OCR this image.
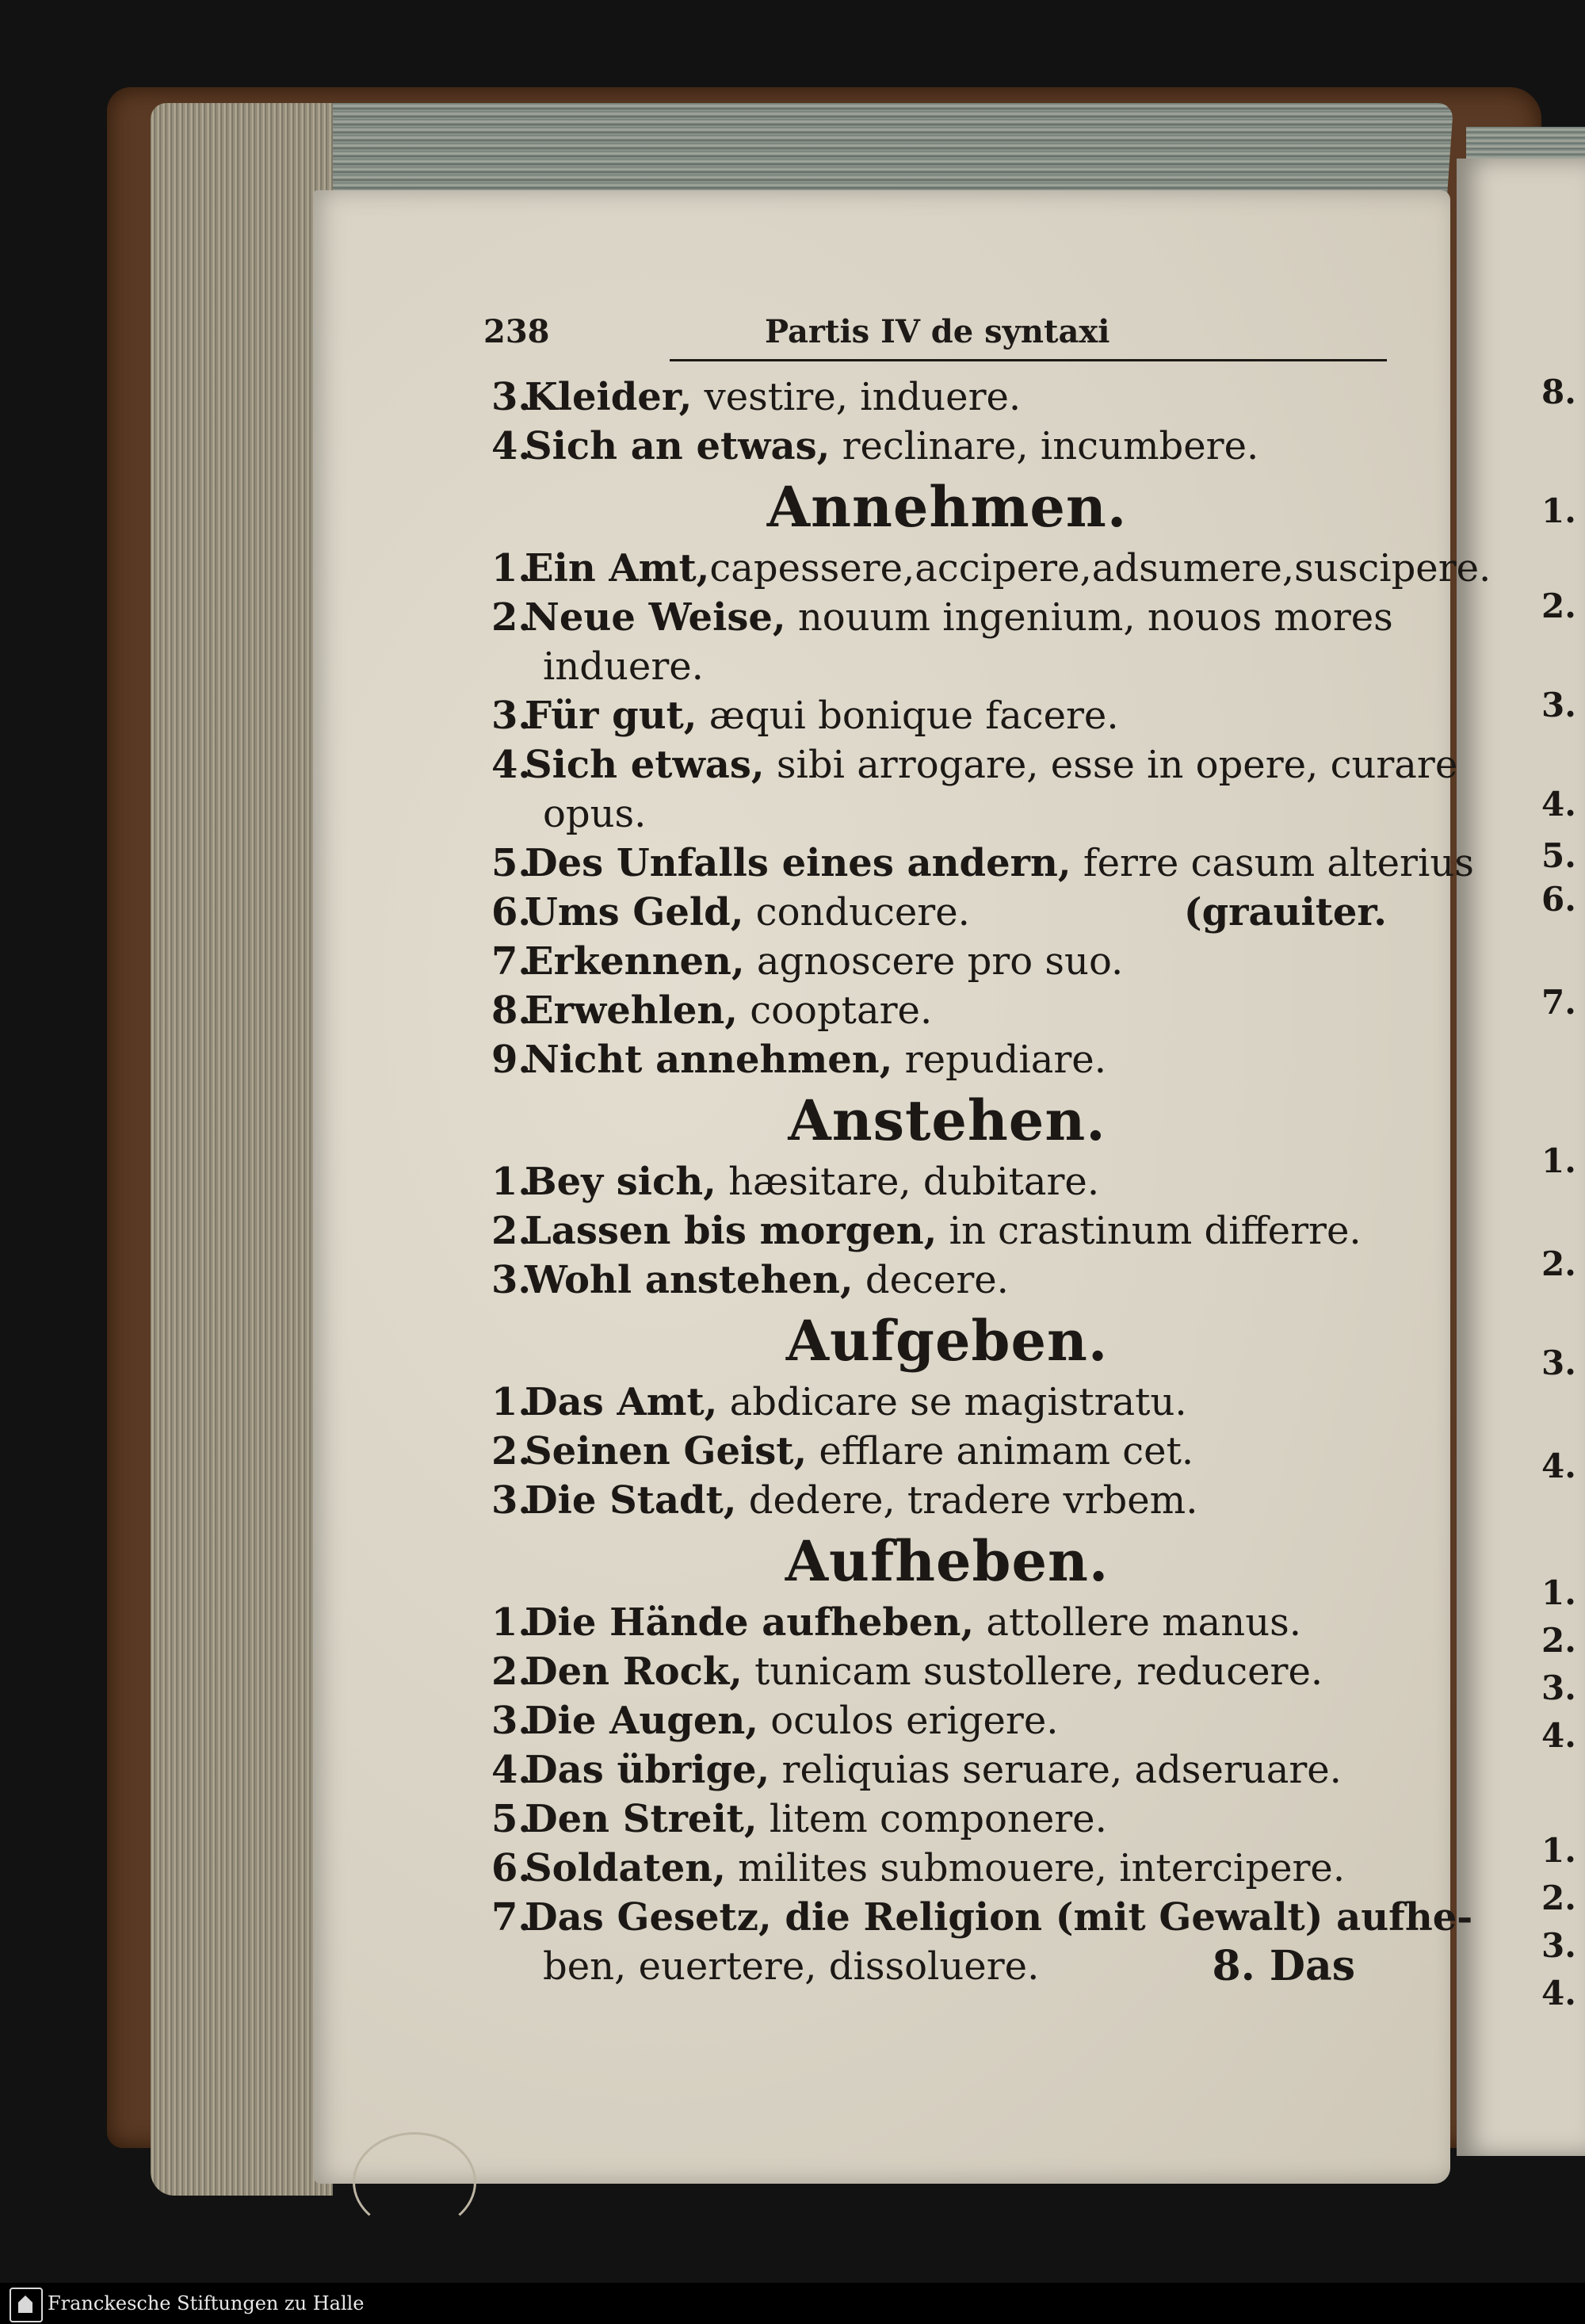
238	Partis IV de syntaxi
3.Kleider, vestire, induere.
4.Sich an etwas, reclinare, incumbere.
Annehmen.
1.Ein Amt,capessere,accipere,adsumere,suscipere.
2.Neue Weise, nouum ingenium, nouos mores
induere.
3.Für gut, æqui bonique facere.
4.Sich etwas, sibi arrogare, esse in opere, curare
opus.
5.Des Unfalls eines andern, ferre casum alterius
6.Ums Geld, conducere.	(grauiter.
7.Erkennen, agnoscere pro suo.
8.Erwehlen, cooptare.
9.Nicht annehmen, repudiare.
Anstehen.
1.Bey sich, hæsitare, dubitare.
2.Lassen bis morgen, in crastinum differre.
3.Wohl anstehen, decere.
Aufgeben.
1.Das Amt, abdicare se magistratu.
2.Seinen Geist, efflare animam cet.
3.Die Stadt, dedere, tradere vrbem.
Aufheben.
1.Die Hände aufheben, attollere manus.
2.Den Rock, tunicam sustollere, reducere.
3.Die Augen, oculos erigere.
4.Das übrige, reliquias seruare, adseruare.
5.Den Streit, litem componere.
6.Soldaten, milites submouere, intercipere.
7.Das Gesetz, die Religion (mit Gewalt) aufhe-
ben, euertere, dissoluere.	8. Das
8.
1.
2.
3.
4.
5.
6.
7.
1.
2.
3.
4.
1.
2.
3.
4.
1.
2.
3.
4.
Franckesche Stiftungen zu Halle
